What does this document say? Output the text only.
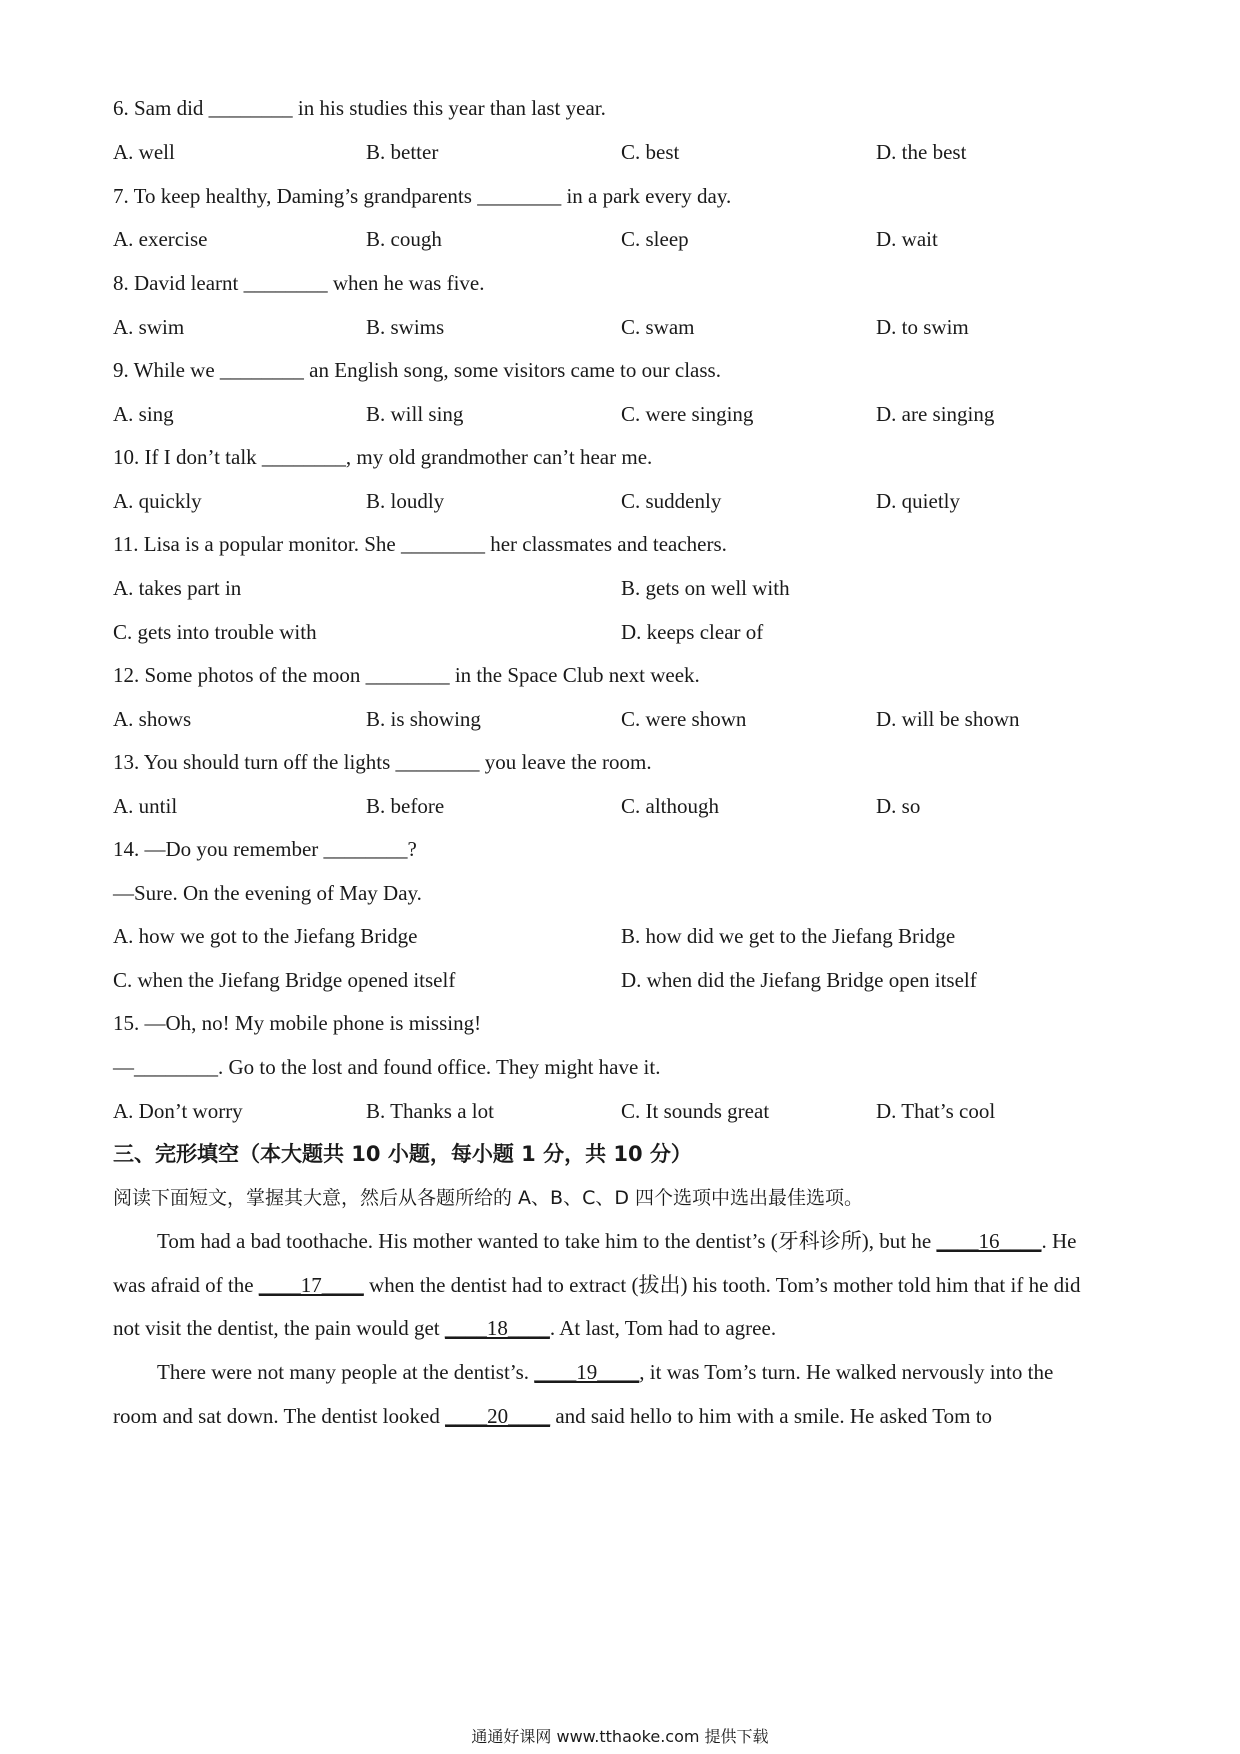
6. Sam did ________ in his studies this year than last year.
A. well	B. better	C. best	D. the best
7. To keep healthy, Daming’s grandparents ________ in a park every day.
A. exercise	B. cough	C. sleep	D. wait
8. David learnt ________ when he was five.
A. swim	B. swims	C. swam	D. to swim
9. While we ________ an English song, some visitors came to our class.
A. sing	B. will sing	C. were singing	D. are singing
10. If I don’t talk ________, my old grandmother can’t hear me.
A. quickly	B. loudly	C. suddenly	D. quietly
11. Lisa is a popular monitor. She ________ her classmates and teachers.
A. takes part in	B. gets on well with
C. gets into trouble with	D. keeps clear of
12. Some photos of the moon ________ in the Space Club next week.
A. shows	B. is showing	C. were shown	D. will be shown
13. You should turn off the lights ________ you leave the room.
A. until	B. before	C. although	D. so
14. —Do you remember ________?
—Sure. On the evening of May Day.
A. how we got to the Jiefang Bridge	B. how did we get to the Jiefang Bridge
C. when the Jiefang Bridge opened itself	D. when did the Jiefang Bridge open itself
15. —Oh, no! My mobile phone is missing!
—________. Go to the lost and found office. They might have it.
A. Don’t worry	B. Thanks a lot	C. It sounds great	D. That’s cool
三、完形填空（本大题共 10 小题，每小题 1 分，共 10 分）
阅读下面短文，掌握其大意，然后从各题所给的 A、B、C、D 四个选项中选出最佳选项。
Tom had a bad toothache. His mother wanted to take him to the dentist’s (牙科诊所), but he ____16____. He
was afraid of the ____17____ when the dentist had to extract (拔出) his tooth. Tom’s mother told him that if he did
not visit the dentist, the pain would get ____18____. At last, Tom had to agree.
There were not many people at the dentist’s. ____19____, it was Tom’s turn. He walked nervously into the
room and sat down. The dentist looked ____20____ and said hello to him with a smile. He asked Tom to
通通好课网 www.tthaoke.com 提供下载
